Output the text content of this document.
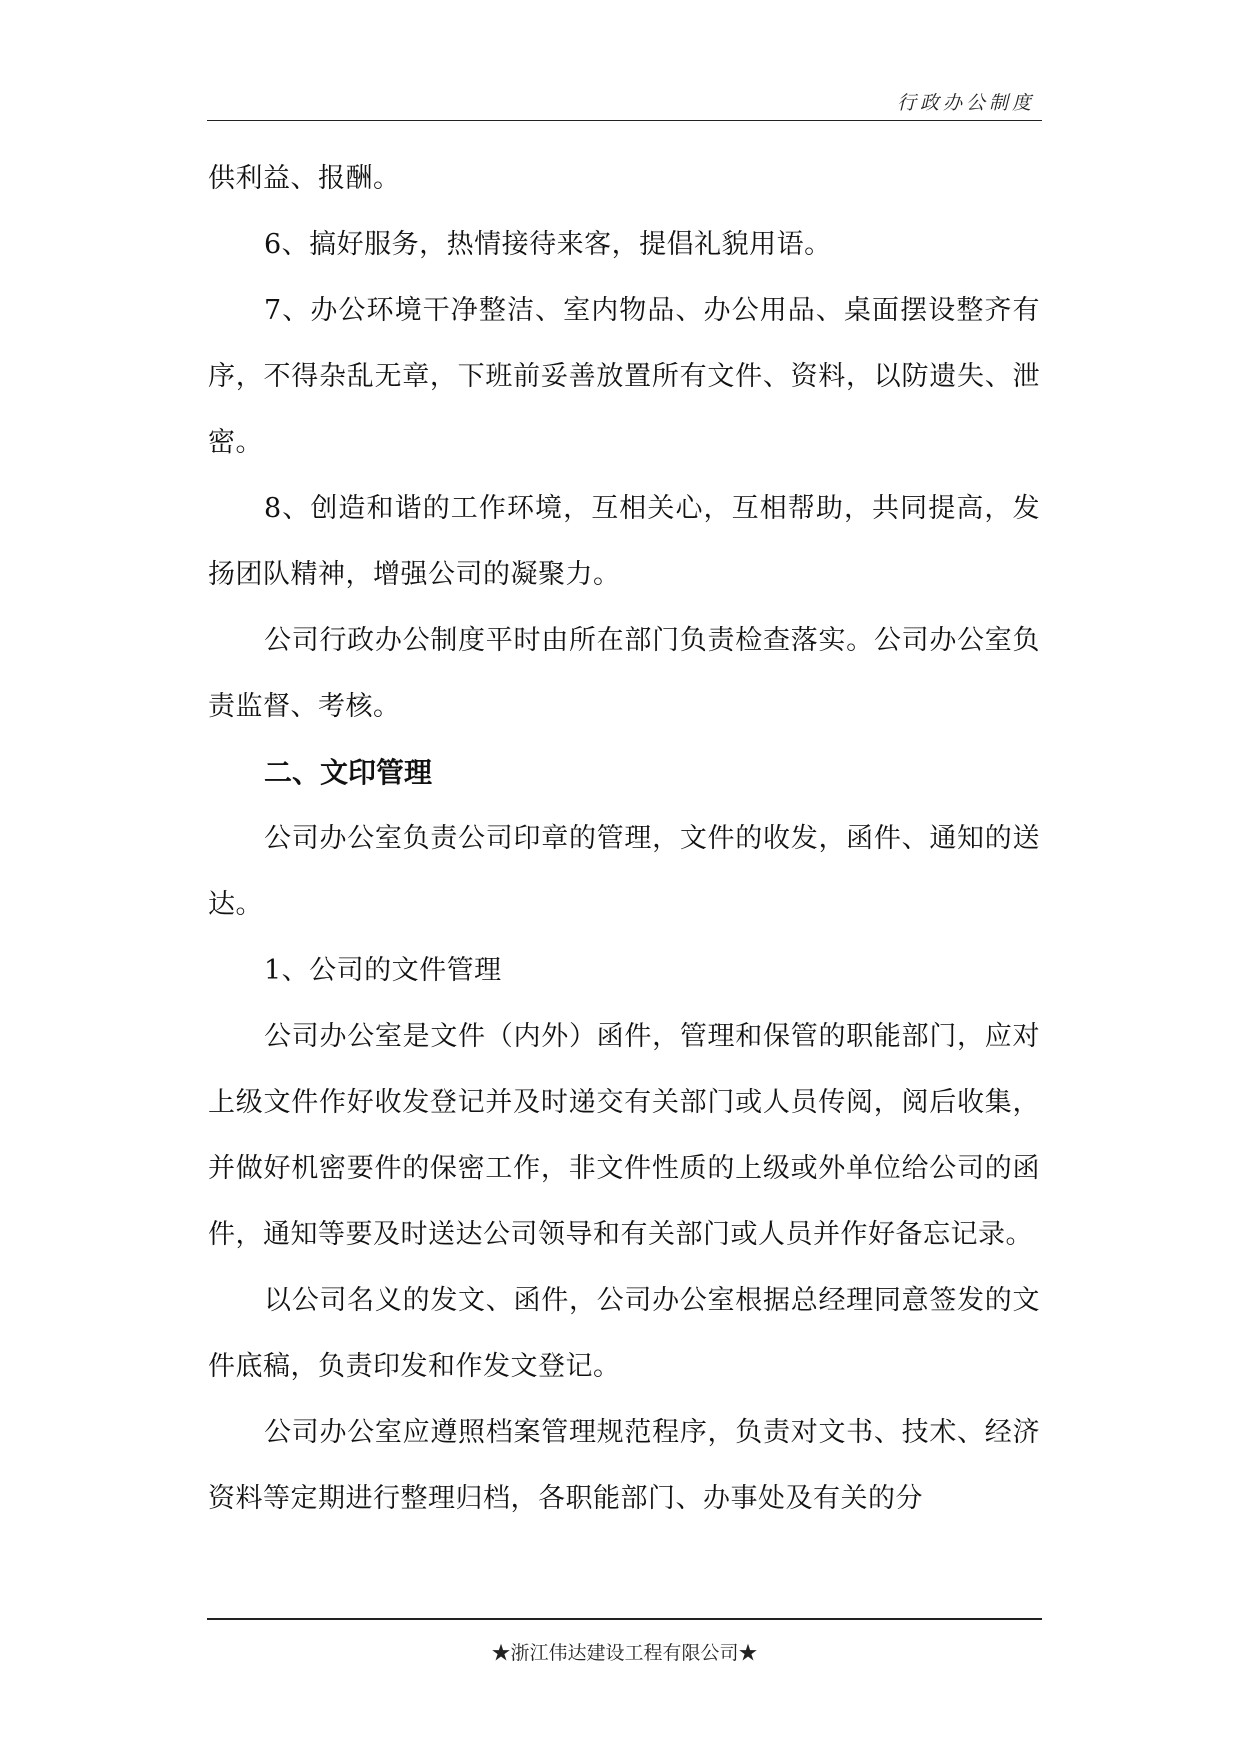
行政办公制度

供利益、报酬。

6、搞好服务，热情接待来客，提倡礼貌用语。

7、办公环境干净整洁、室内物品、办公用品、桌面摆设整齐有序，不得杂乱无章，下班前妥善放置所有文件、资料，以防遗失、泄密。

8、创造和谐的工作环境，互相关心，互相帮助，共同提高，发扬团队精神，增强公司的凝聚力。

公司行政办公制度平时由所在部门负责检查落实。公司办公室负责监督、考核。

二、文印管理

公司办公室负责公司印章的管理，文件的收发，函件、通知的送达。

1、公司的文件管理

公司办公室是文件（内外）函件，管理和保管的职能部门，应对上级文件作好收发登记并及时递交有关部门或人员传阅，阅后收集，并做好机密要件的保密工作，非文件性质的上级或外单位给公司的函件，通知等要及时送达公司领导和有关部门或人员并作好备忘记录。

以公司名义的发文、函件，公司办公室根据总经理同意签发的文件底稿，负责印发和作发文登记。

公司办公室应遵照档案管理规范程序，负责对文书、技术、经济资料等定期进行整理归档，各职能部门、办事处及有关的分

★浙江伟达建设工程有限公司★
